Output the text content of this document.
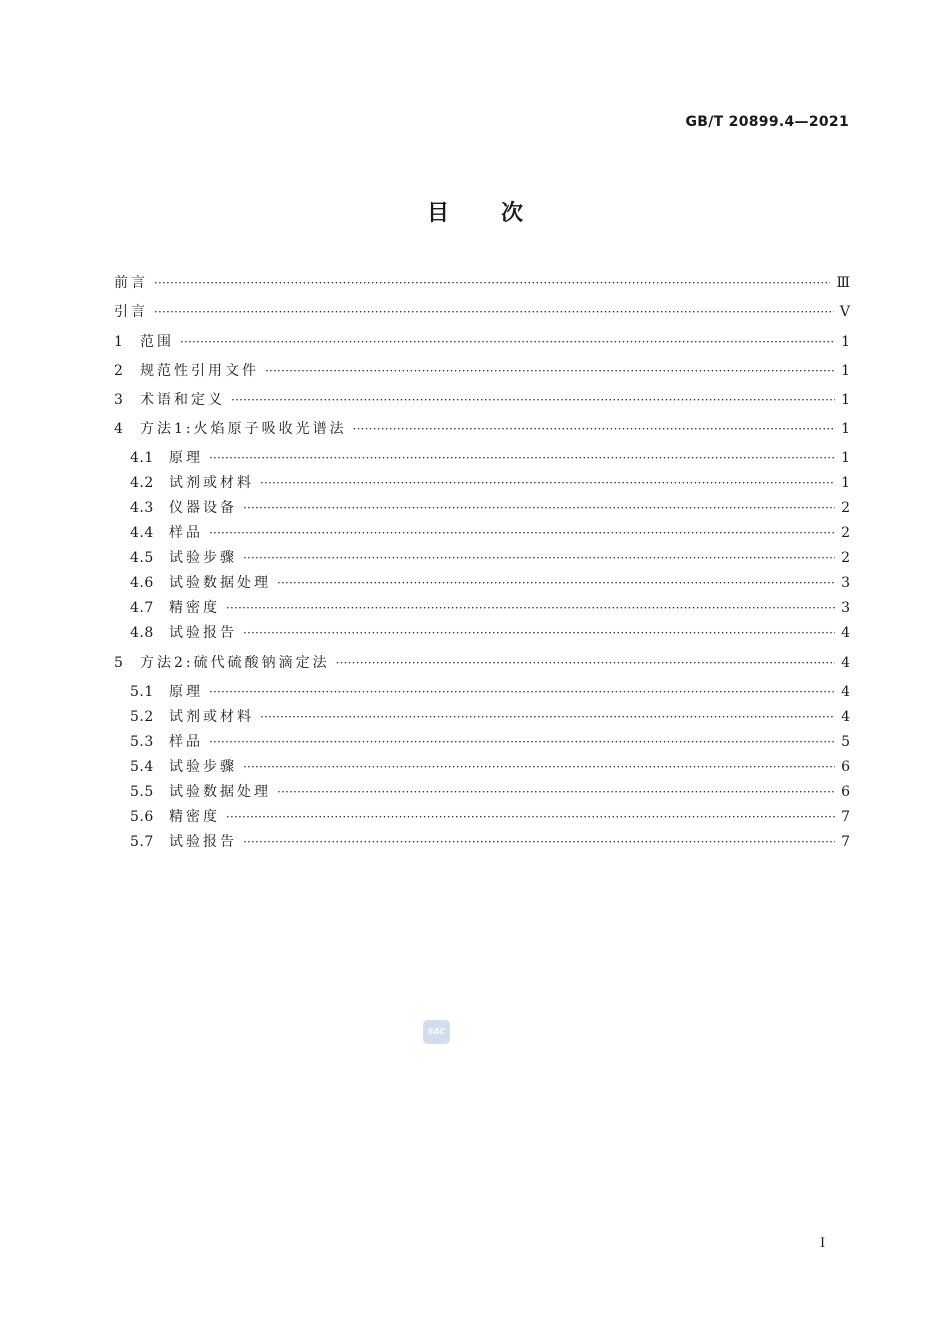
GB/T 20899.4—2021
目次
前言 ·····	Ⅲ
引言 ·····	Ⅴ
1	范围 ·····	1
2	规范性引用文件 ·····	1
3	术语和定义 ·····	1
4	方法1:火焰原子吸收光谱法 ·····	1
4.1	原理 ·····	1
4.2	试剂或材料 ·····	1
4.3	仪器设备 ·····	2
4.4	样品 ·····	2
4.5	试验步骤 ·····	2
4.6	试验数据处理 ·····	3
4.7	精密度 ·····	3
4.8	试验报告 ·····	4
5	方法2:硫代硫酸钠滴定法 ·····	4
5.1	原理 ·····	4
5.2	试剂或材料 ·····	4
5.3	样品 ·····	5
5.4	试验步骤 ·····	6
5.5	试验数据处理 ·····	6
5.6	精密度 ·····	7
5.7	试验报告 ·····	7
SAC
Ⅰ
